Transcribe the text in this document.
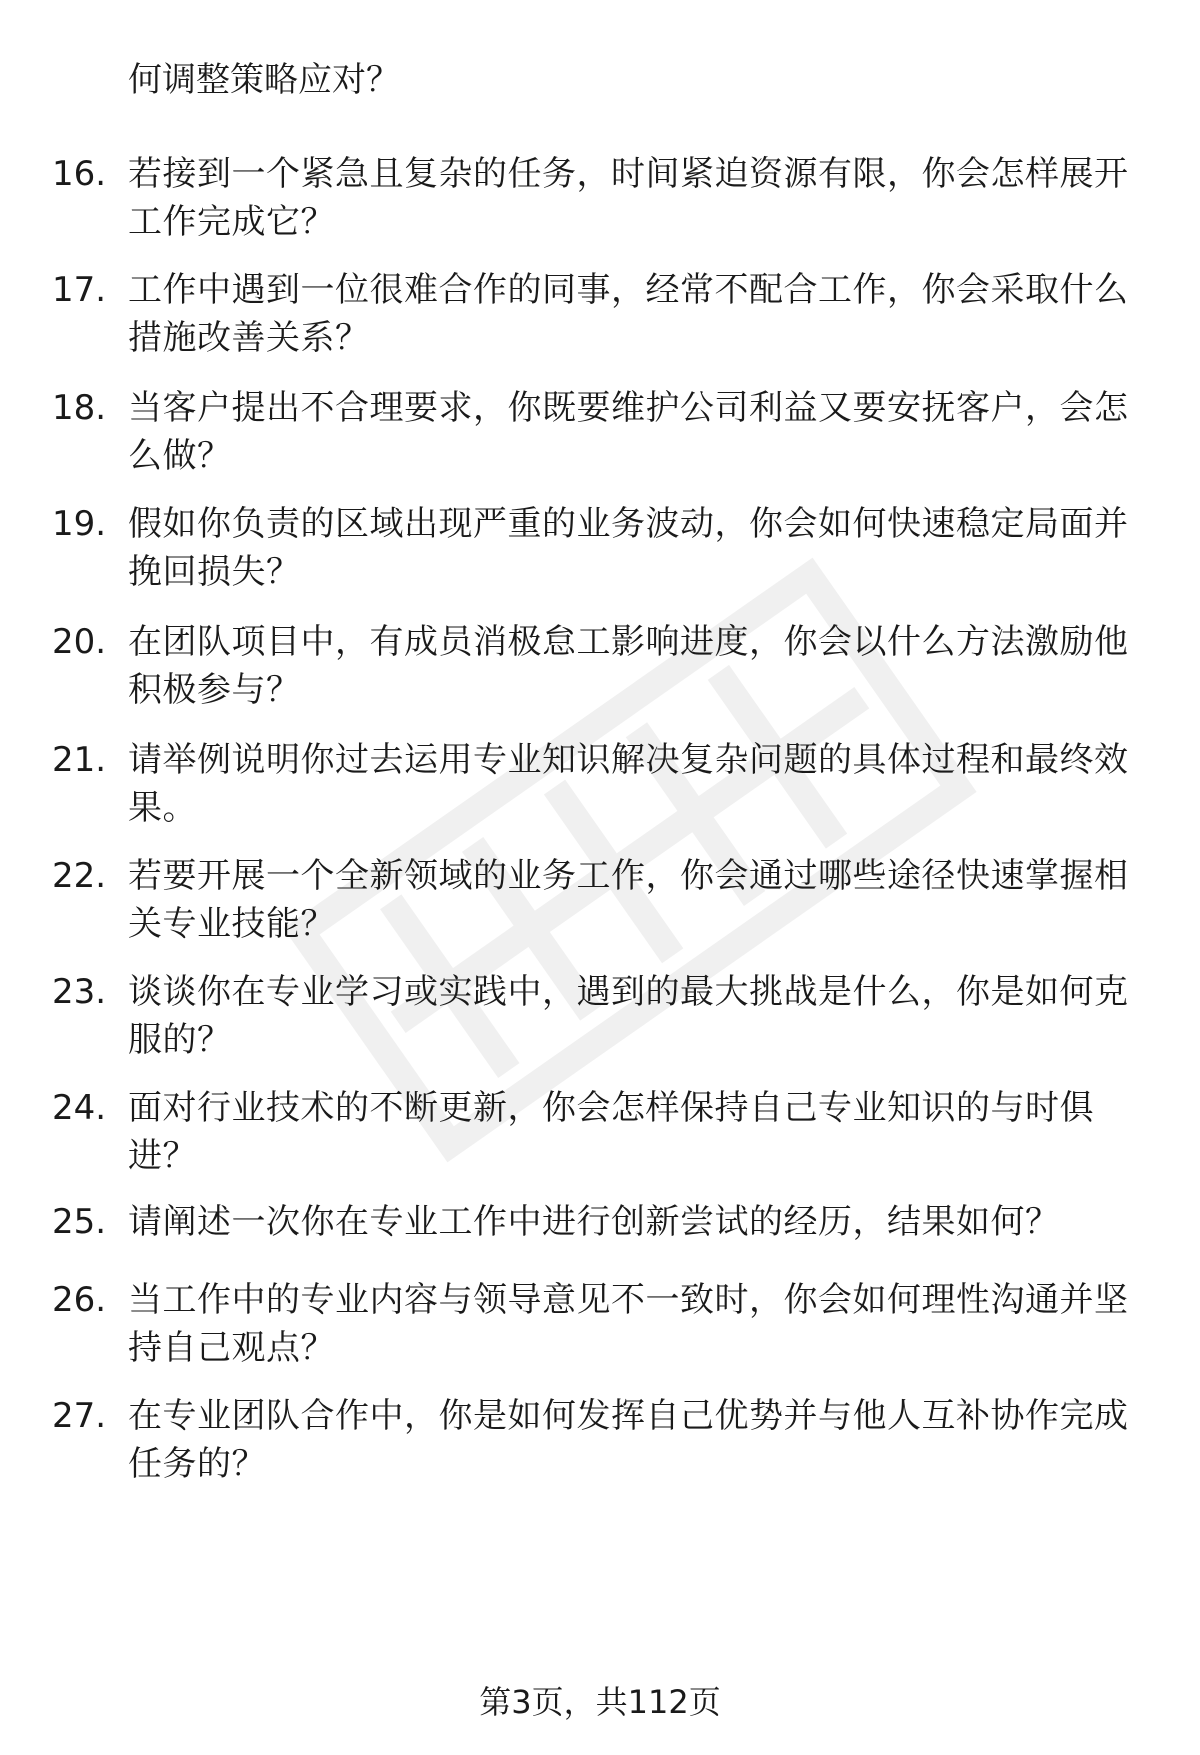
何调整策略应对？
16. 若接到一个紧急且复杂的任务，时间紧迫资源有限，你会怎样展开工作完成它？
17. 工作中遇到一位很难合作的同事，经常不配合工作，你会采取什么措施改善关系？
18. 当客户提出不合理要求，你既要维护公司利益又要安抚客户，会怎么做？
19. 假如你负责的区域出现严重的业务波动，你会如何快速稳定局面并挽回损失？
20. 在团队项目中，有成员消极怠工影响进度，你会以什么方法激励他积极参与？
21. 请举例说明你过去运用专业知识解决复杂问题的具体过程和最终效果。
22. 若要开展一个全新领域的业务工作，你会通过哪些途径快速掌握相关专业技能？
23. 谈谈你在专业学习或实践中，遇到的最大挑战是什么，你是如何克服的？
24. 面对行业技术的不断更新，你会怎样保持自己专业知识的与时俱进？
25. 请阐述一次你在专业工作中进行创新尝试的经历，结果如何？
26. 当工作中的专业内容与领导意见不一致时，你会如何理性沟通并坚持自己观点？
27. 在专业团队合作中，你是如何发挥自己优势并与他人互补协作完成任务的？
第3页，共112页
